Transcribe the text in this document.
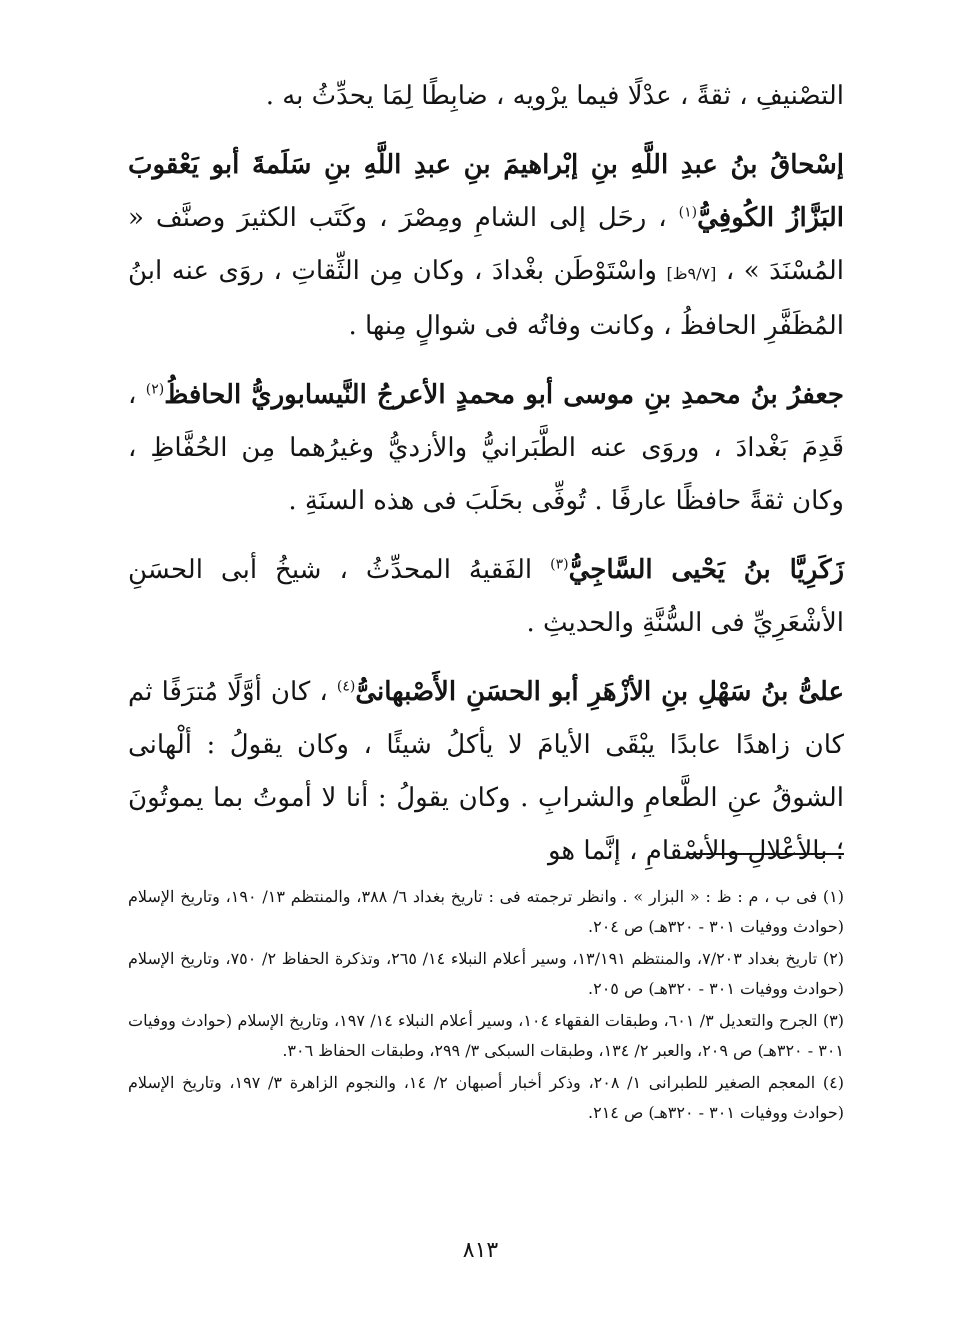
التصْنيفِ ، ثقةً ، عدْلًا فيما يرْويه ، ضابِطًا لِمَا يحدِّثُ به .

إسْحاقُ بنُ عبدِ اللَّهِ بنِ إبْراهيمَ بنِ عبدِ اللَّهِ بنِ سَلَمةَ أبو يَعْقوبَ البَزَّازُ الكُوفِيُّ$^{(١)}$ ، رحَل إلى الشامِ ومِصْرَ ، وكَتَب الكثيرَ وصنَّف « المُسْنَدَ » ، [٩/٧ظ] واسْتَوْطَن بغْدادَ ، وكان مِن الثِّقاتِ ، روَى عنه ابنُ المُظَفَّرِ الحافظُ ، وكانت وفاتُه فى شوالٍ مِنها .

جعفرُ بنُ محمدِ بنِ موسى أبو محمدٍ الأعرجُ النَّيسابوريُّ الحافظُ$^{(٢)}$ ، قَدِمَ بَغْدادَ ، وروَى عنه الطَّبَرانيُّ والأزديُّ وغيرُهما مِن الحُفَّاظِ ، وكان ثقةً حافظًا عارفًا . تُوفِّى بحَلَبَ فى هذه السنَةِ .

زَكَرِيَّا بنُ يَحْيى السَّاجِيُّ$^{(٣)}$ الفَقيهُ المحدِّثُ ، شيخُ أبى الحسَنِ الأشْعَرِيِّ فى السُّنَّةِ والحديثِ .

علىُّ بنُ سَهْلِ بنِ الأزْهَرِ أبو الحسَنِ الأَصْبهانىُّ$^{(٤)}$ ، كان أوَّلًا مُترَفًا ثم كان زاهدًا عابدًا يبْقَى الأيامَ لا يأكلُ شيئًا ، وكان يقولُ : ألْهانى الشوقُ عنِ الطَّعامِ والشرابِ . وكان يقولُ : أنا لا أموتُ بما يموتُونَ ؛ بالأعْلالِ والأسْقامِ ، إنَّما هو

(١) فى ب ، م : ظ : « البزار » . وانظر ترجمته فى : تاريخ بغداد ٦/ ٣٨٨، والمنتظم ١٣/ ١٩٠، وتاريخ الإسلام (حوادث ووفيات ٣٠١ - ٣٢٠هـ) ص ٢٠٤.

(٢) تاريخ بغداد ٧/٢٠٣، والمنتظم ١٣/١٩١، وسير أعلام النبلاء ١٤/ ٢٦٥، وتذكرة الحفاظ ٢/ ٧٥٠، وتاريخ الإسلام (حوادث ووفيات ٣٠١ - ٣٢٠هـ) ص ٢٠٥.

(٣) الجرح والتعديل ٣/ ٦٠١، وطبقات الفقهاء ١٠٤، وسير أعلام النبلاء ١٤/ ١٩٧، وتاريخ الإسلام (حوادث ووفيات ٣٠١ - ٣٢٠هـ) ص ٢٠٩، والعبر ٢/ ١٣٤، وطبقات السبكى ٣/ ٢٩٩، وطبقات الحفاظ ٣٠٦.

(٤) المعجم الصغير للطبرانى ١/ ٢٠٨، وذكر أخبار أصبهان ٢/ ١٤، والنجوم الزاهرة ٣/ ١٩٧، وتاريخ الإسلام (حوادث ووفيات ٣٠١ - ٣٢٠هـ) ص ٢١٤.

٨١٣
